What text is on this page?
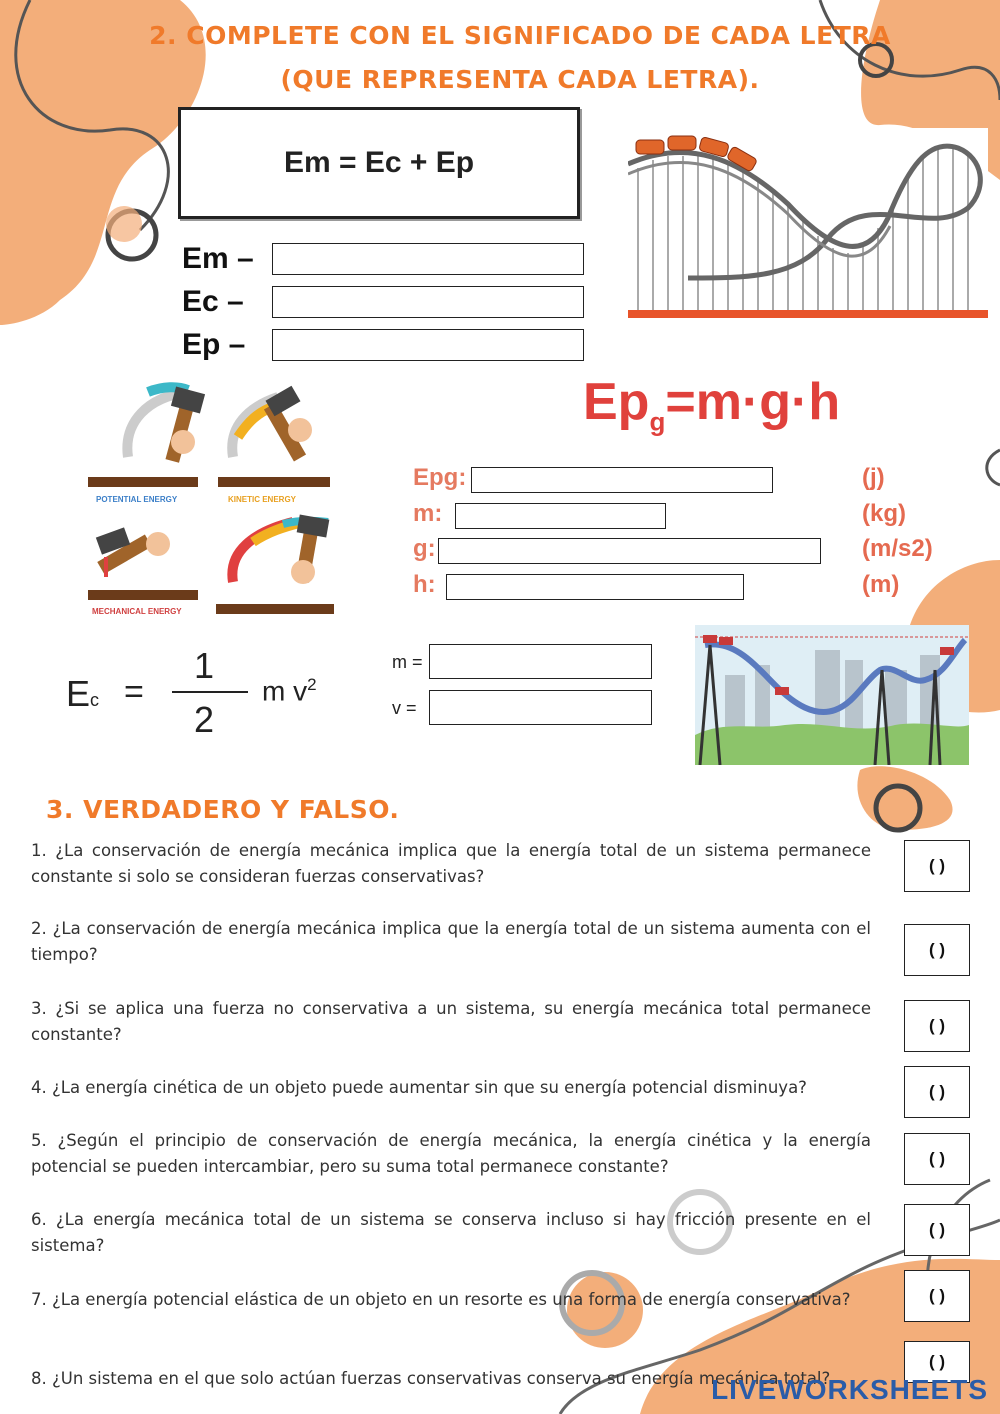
2. COMPLETE CON EL SIGNIFICADO DE CADA LETRA (QUE REPRESENTA CADA LETRA).
Em = Ec + Ep
Em –
Ec –
Ep –
POTENTIAL ENERGY	KINETIC ENERGY
MECHANICAL ENERGY
$Ep_g=m\cdot g\cdot h$
Epg:	(j)
m:	(kg)
g:	(m/s2)
h:	(m)
Ec =
1
2
m $v^2$
m =
v =
3. VERDADERO Y FALSO.
1. ¿La conservación de energía mecánica implica que la energía total de un sistema permanece constante si solo se consideran fuerzas conservativas?
( )
2. ¿La conservación de energía mecánica implica que la energía total de un sistema aumenta con el tiempo?	( )
3. ¿Si se aplica una fuerza no conservativa a un sistema, su energía mecánica total permanece constante?	( )
4. ¿La energía cinética de un objeto puede aumentar sin que su energía potencial disminuya?	( )
5. ¿Según el principio de conservación de energía mecánica, la energía cinética y la energía potencial se pueden intercambiar, pero su suma total permanece constante?	( )
6. ¿La energía mecánica total de un sistema se conserva incluso si hay fricción presente en el sistema?
( )
7. ¿La energía potencial elástica de un objeto en un resorte es una forma de energía conservativa?	( )
8. ¿Un sistema en el que solo actúan fuerzas conservativas conserva su energía mecánica total?
( )
LIVEWORKSHEETS
